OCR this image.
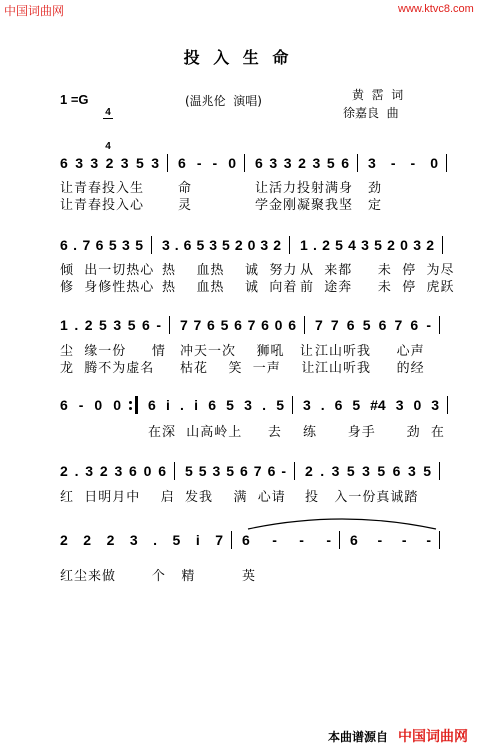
中国词曲网	www.ktvc8.com
投 入 生 命
1 =G

4

4

(温兆伦  演唱)	黄  霑  词
徐嘉良  曲
6 3 3 2 3 5 3
让青春投入生
让青春投入心
6 - - 0
命
灵
6 3 3 2 3 5 6
让活力投射满身
学金刚凝聚我坚
3 - - 0
劲
定
6 . 7 6 5 3 5
倾  出一切热心
修  身修性热心
3 . 6 5 3 5 2 0 3 2
热    血热    诚  努力
热    血热    诚  向着
1 . 2 5 4 3 5 2 0 3 2
从  来都     未  停  为尽
前  途奔     未  停  虎跃
1 . 2 5 3 5 6 -
尘  缘一份     情
龙  腾不为虚名
7 7 6 5 6 7 6 0 6
冲天一次    狮吼   让
枯花    笑  一声    让
7 7 6 5 6 7 6 -
江山听我     心声
江山听我     的经
6 - 0 0	6 i . i 6 5 3 . 5
在深  山高岭上     去
3 . 6 5 #4 3 0 3
练      身手      劲  在
2 . 3 2 3 6 0 6
红  日明月中    启
5 5 3 5 6 7 6 -
发我    满  心请
2 . 3 5 3 5 6 3 5
投   入一份真诚踏
2 2 2 3 . 5 i 7
红尘来做       个   精
6 - - -
英
6 - - -
本曲谱源自 中国词曲网
